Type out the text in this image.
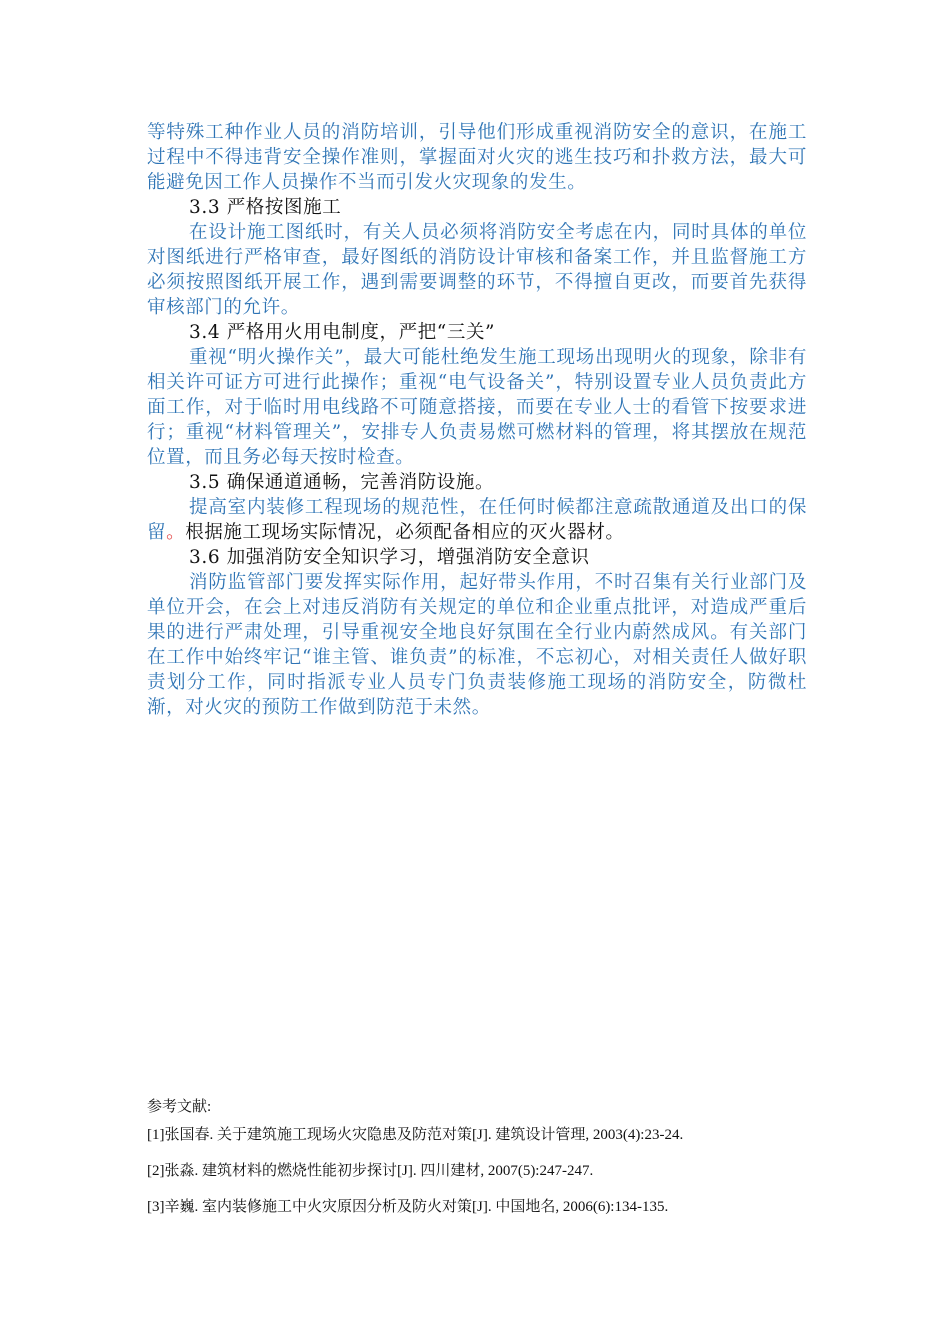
等特殊工种作业人员的消防培训，引导他们形成重视消防安全的意识，在施工过程中不得违背安全操作准则，掌握面对火灾的逃生技巧和扑救方法，最大可能避免因工作人员操作不当而引发火灾现象的发生。

3.3 严格按图施工

在设计施工图纸时，有关人员必须将消防安全考虑在内，同时具体的单位对图纸进行严格审查，最好图纸的消防设计审核和备案工作，并且监督施工方必须按照图纸开展工作，遇到需要调整的环节，不得擅自更改，而要首先获得审核部门的允许。

3.4 严格用火用电制度，严把“三关”

重视“明火操作关”，最大可能杜绝发生施工现场出现明火的现象，除非有相关许可证方可进行此操作；重视“电气设备关”，特别设置专业人员负责此方面工作，对于临时用电线路不可随意搭接，而要在专业人士的看管下按要求进行；重视“材料管理关”，安排专人负责易燃可燃材料的管理，将其摆放在规范位置，而且务必每天按时检查。

3.5 确保通道通畅，完善消防设施。

提高室内装修工程现场的规范性，在任何时候都注意疏散通道及出口的保留。根据施工现场实际情况，必须配备相应的灭火器材。

3.6 加强消防安全知识学习，增强消防安全意识

消防监管部门要发挥实际作用，起好带头作用，不时召集有关行业部门及单位开会，在会上对违反消防有关规定的单位和企业重点批评，对造成严重后果的进行严肃处理，引导重视安全地良好氛围在全行业内蔚然成风。有关部门在工作中始终牢记“谁主管、谁负责”的标准，不忘初心，对相关责任人做好职责划分工作，同时指派专业人员专门负责装修施工现场的消防安全，防微杜渐，对火灾的预防工作做到防范于未然。

参考文献:

[1]张国春. 关于建筑施工现场火灾隐患及防范对策[J]. 建筑设计管理, 2003(4):23-24.

[2]张淼. 建筑材料的燃烧性能初步探讨[J]. 四川建材, 2007(5):247-247.

[3]辛巍. 室内装修施工中火灾原因分析及防火对策[J]. 中国地名, 2006(6):134-135.
